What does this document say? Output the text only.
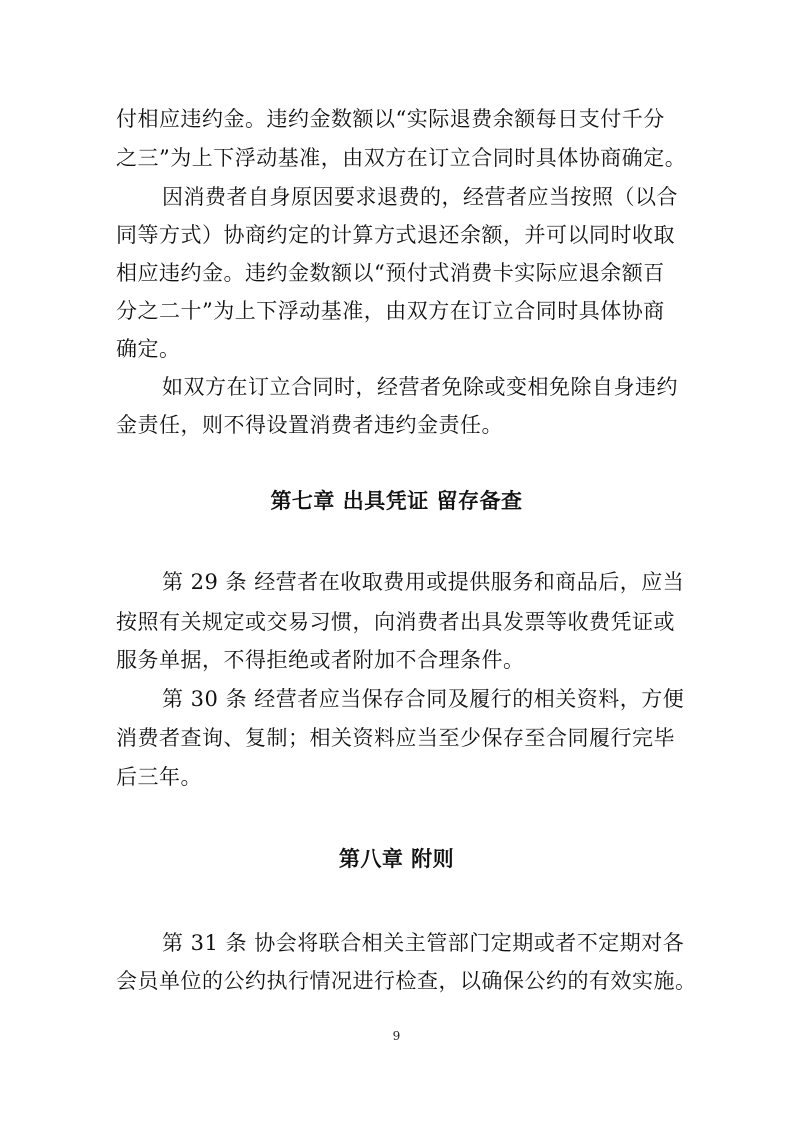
付相应违约金。违约金数额以“实际退费余额每日支付千分
之三”为上下浮动基准，由双方在订立合同时具体协商确定。
因消费者自身原因要求退费的，经营者应当按照（以合
同等方式）协商约定的计算方式退还余额，并可以同时收取
相应违约金。违约金数额以“预付式消费卡实际应退余额百
分之二十”为上下浮动基准，由双方在订立合同时具体协商
确定。
如双方在订立合同时，经营者免除或变相免除自身违约
金责任，则不得设置消费者违约金责任。
第七章 出具凭证 留存备查
第 29 条 经营者在收取费用或提供服务和商品后，应当
按照有关规定或交易习惯，向消费者出具发票等收费凭证或
服务单据，不得拒绝或者附加不合理条件。
第 30 条 经营者应当保存合同及履行的相关资料，方便
消费者查询、复制；相关资料应当至少保存至合同履行完毕
后三年。
第八章 附则
第 31 条 协会将联合相关主管部门定期或者不定期对各
会员单位的公约执行情况进行检查，以确保公约的有效实施。
9
